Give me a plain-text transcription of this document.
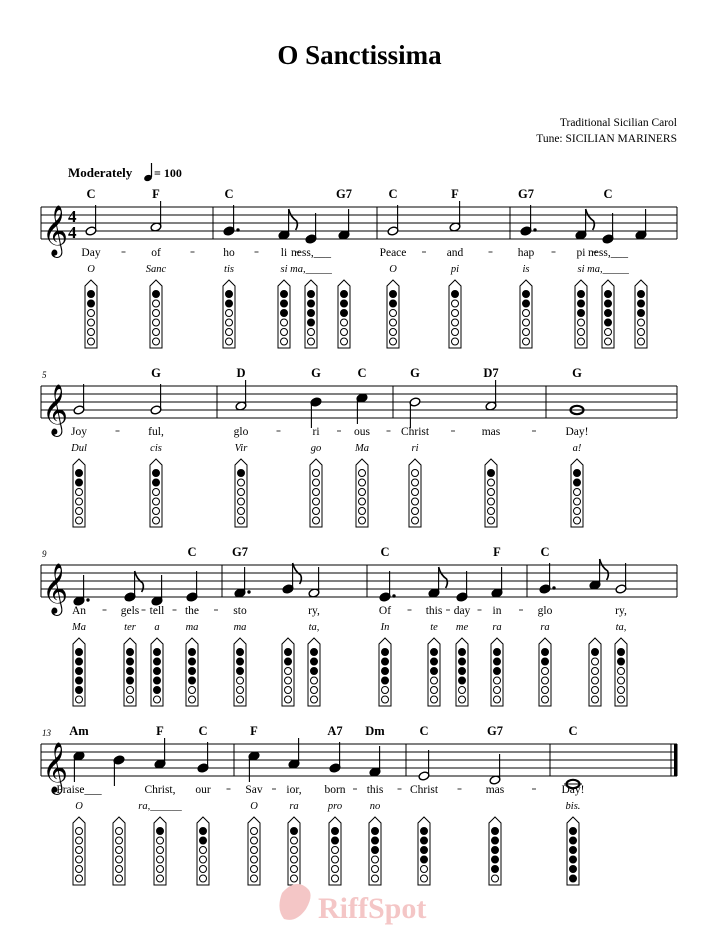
O Sanctissima
Traditional Sicilian Carol
Tune: SICILIAN MARINERS
Moderately = 100
𝄞 4
4
C
Day
O
F
of
Sanc
C
ho
tis
li
si
ness,___
ma,_____
G7	C
Peace
O
F
and
pi
G7
hap
is
pi
si
C
ness,___
ma,_____
𝄞
5
Joy
Dul
G
ful,
cis
D
glo
Vir
G
ri
go
C
ous
Ma
G
Christ
ri
D7
mas
G
Day!
a!
𝄞
9
An
Ma
gels
ter
tell
a
C
the
ma
G7
sto
ma
ry,
ta,
C
Of
In
this
te
day
me
F
in
ra
C
glo
ra
ry,
ta,
𝄞
13 Am
Praise___
O
F
Christ,
ra,______
C
our
F
Sav
O
ior,
ra
A7
born
pro
Dm
this
no
C
Christ
G7
mas
C
Day!
bis.
RiffSpot
